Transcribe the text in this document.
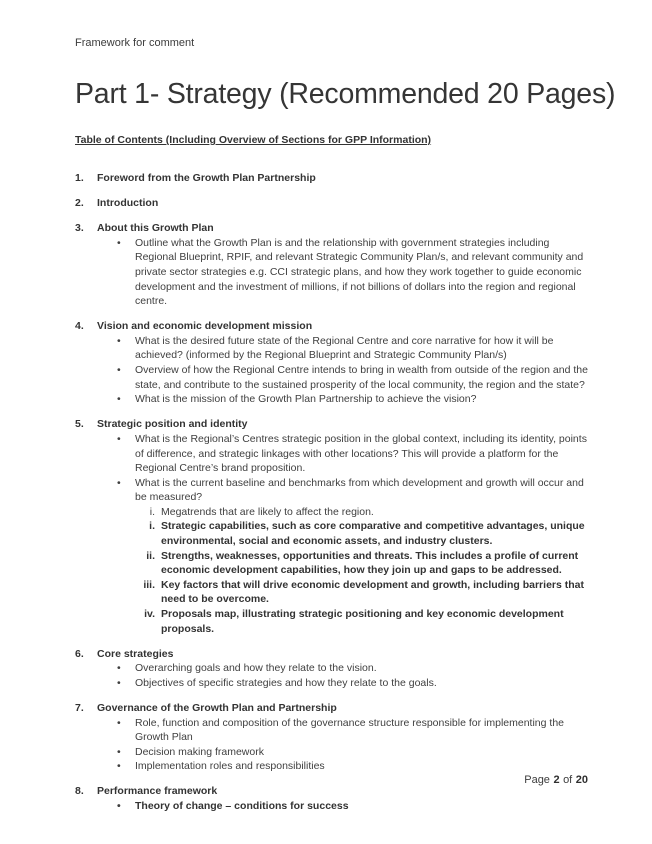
Framework for comment
Part 1- Strategy (Recommended 20 Pages)
Table of Contents (Including Overview of Sections for GPP Information)
1.	Foreword from the Growth Plan Partnership
2.	Introduction
3.	About this Growth Plan
•	Outline what the Growth Plan is and the relationship with government strategies including Regional Blueprint, RPIF, and relevant Strategic Community Plan/s, and relevant community and private sector strategies e.g. CCI strategic plans, and how they work together to guide economic development and the investment of millions, if not billions of dollars into the region and regional centre.
4.	Vision and economic development mission
•	What is the desired future state of the Regional Centre and core narrative for how it will be achieved? (informed by the Regional Blueprint and Strategic Community Plan/s)
•	Overview of how the Regional Centre intends to bring in wealth from outside of the region and the state, and contribute to the sustained prosperity of the local community, the region and the state?
•	What is the mission of the Growth Plan Partnership to achieve the vision?
5.	Strategic position and identity
•	What is the Regional’s Centres strategic position in the global context, including its identity, points of difference, and strategic linkages with other locations? This will provide a platform for the Regional Centre’s brand proposition.
•	What is the current baseline and benchmarks from which development and growth will occur and be measured?
i. Megatrends that are likely to affect the region.
i. Strategic capabilities, such as core comparative and competitive advantages, unique environmental, social and economic assets, and industry clusters.
ii. Strengths, weaknesses, opportunities and threats. This includes a profile of current economic development capabilities, how they join up and gaps to be addressed.
iii. Key factors that will drive economic development and growth, including barriers that need to be overcome.
iv. Proposals map, illustrating strategic positioning and key economic development proposals.
6.	Core strategies
•	Overarching goals and how they relate to the vision.
•	Objectives of specific strategies and how they relate to the goals.
7.	Governance of the Growth Plan and Partnership
•	Role, function and composition of the governance structure responsible for implementing the Growth Plan
•	Decision making framework
•	Implementation roles and responsibilities
8.	Performance framework
•	Theory of change – conditions for success
Page 2 of 20
